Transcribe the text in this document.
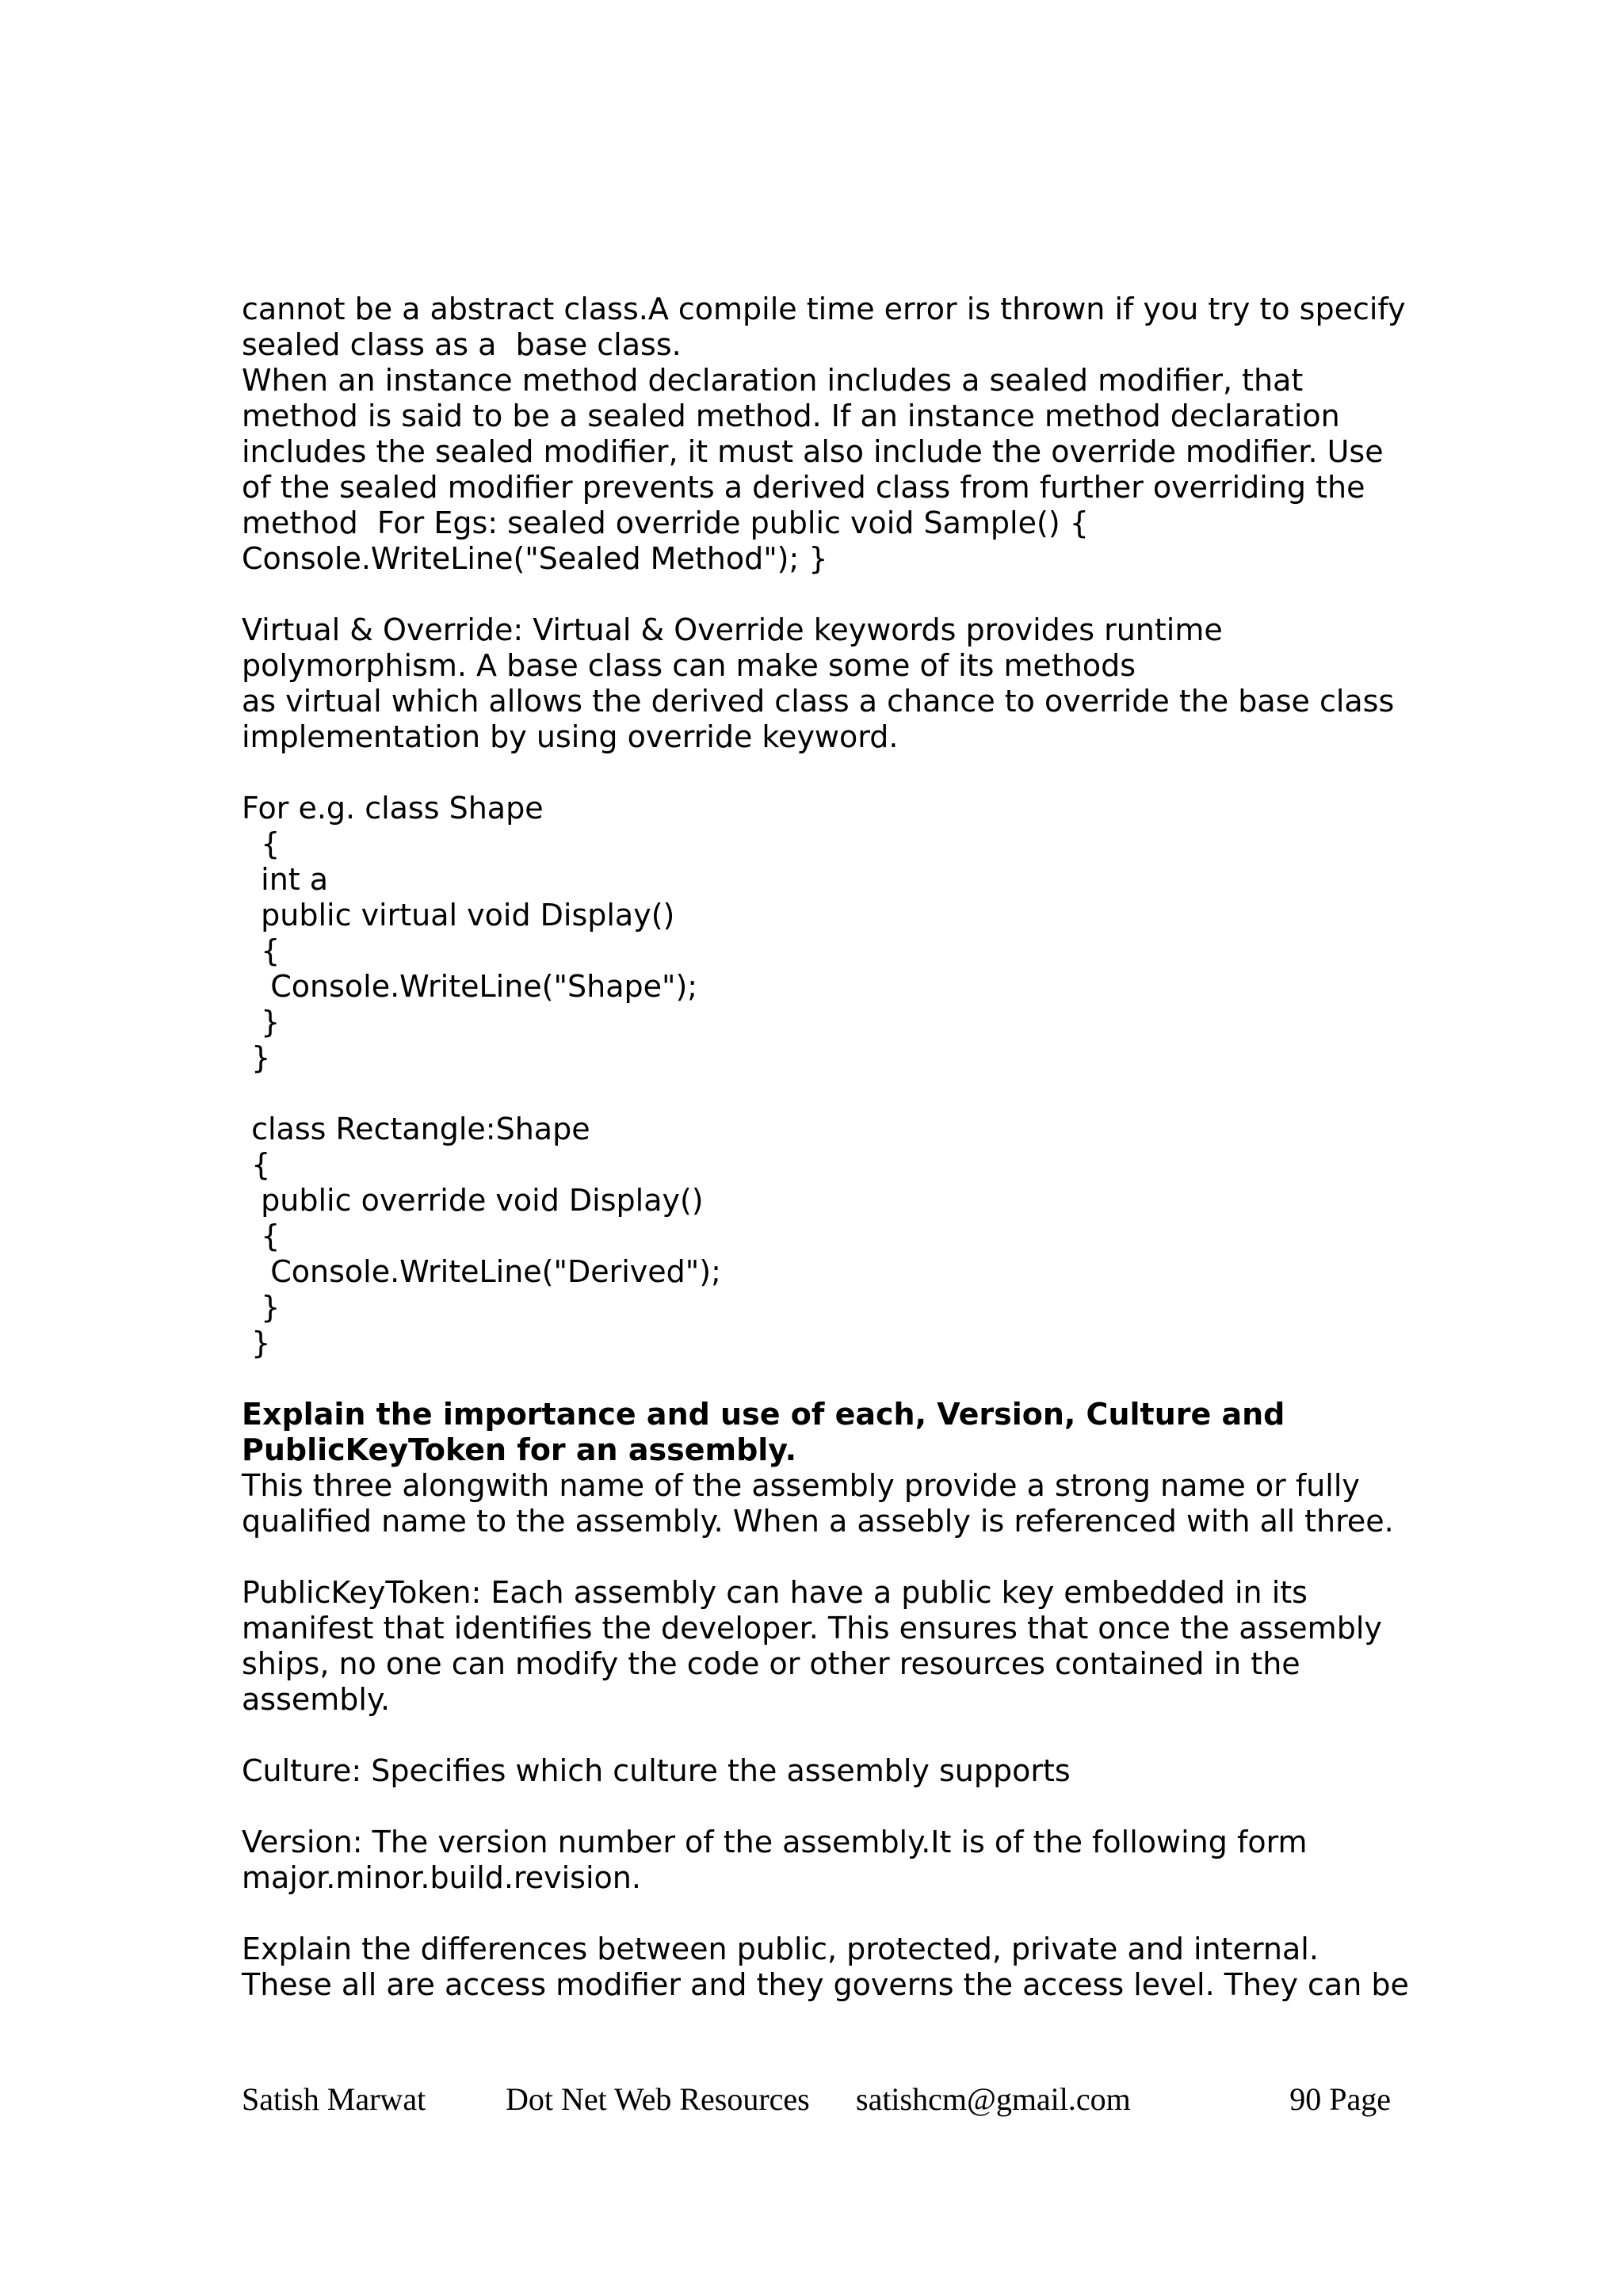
cannot be a abstract class.A compile time error is thrown if you try to specify
sealed class as a  base class.
When an instance method declaration includes a sealed modifier, that
method is said to be a sealed method. If an instance method declaration
includes the sealed modifier, it must also include the override modifier. Use
of the sealed modifier prevents a derived class from further overriding the
method  For Egs: sealed override public void Sample() {
Console.WriteLine("Sealed Method"); }
Virtual & Override: Virtual & Override keywords provides runtime
polymorphism. A base class can make some of its methods
as virtual which allows the derived class a chance to override the base class
implementation by using override keyword.
For e.g. class Shape
{
int a
public virtual void Display()
{
Console.WriteLine("Shape");
}
}
class Rectangle:Shape
{
public override void Display()
{
Console.WriteLine("Derived");
}
}
Explain the importance and use of each, Version, Culture and
PublicKeyToken for an assembly.
This three alongwith name of the assembly provide a strong name or fully
qualified name to the assembly. When a assebly is referenced with all three.
PublicKeyToken: Each assembly can have a public key embedded in its
manifest that identifies the developer. This ensures that once the assembly
ships, no one can modify the code or other resources contained in the
assembly.
Culture: Specifies which culture the assembly supports
Version: The version number of the assembly.It is of the following form
major.minor.build.revision.
Explain the differences between public, protected, private and internal.
These all are access modifier and they governs the access level. They can be
Satish Marwat	Dot Net Web Resources satishcm@gmail.com	90 Page
